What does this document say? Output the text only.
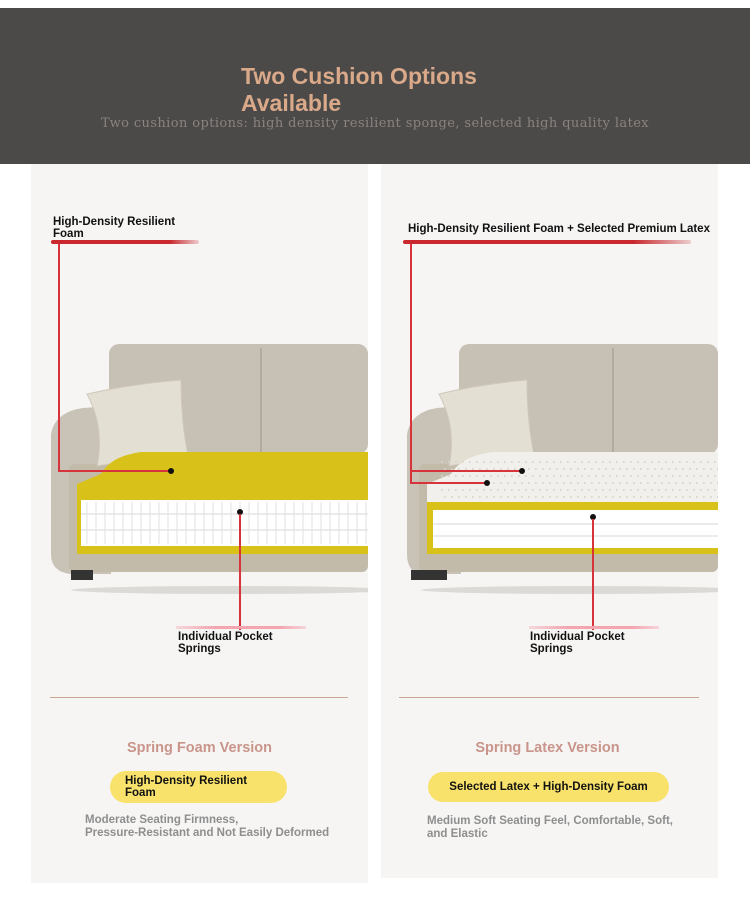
Two Cushion Options
Available
Two cushion options: high density resilient sponge, selected high quality latex
High-Density Resilient
Foam
Individual Pocket
Springs
Spring Foam Version
High-Density Resilient
Foam
Moderate Seating Firmness,
Pressure-Resistant and Not Easily Deformed
High-Density Resilient Foam + Selected Premium Latex
Individual Pocket
Springs
Spring Latex Version
Selected Latex + High-Density Foam
Medium Soft Seating Feel, Comfortable, Soft,
and Elastic
